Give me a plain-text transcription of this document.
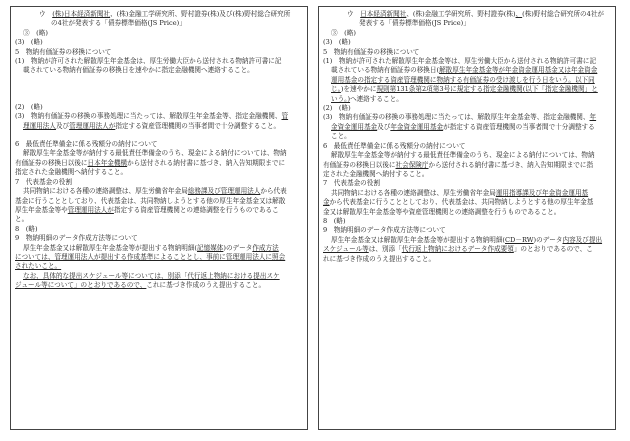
ウ　(株)日本経済新聞社、(株)金融工学研究所、野村證券(株)及び(株)野村総合研究所
の4社が発表する「債券標準価格(JS Price)」
③　(略)
(3)　(略)
5　物納有価証券の移換について
(1)　物納が許可された解散厚生年金基金は、厚生労働大臣から送付される物納許可書に記
載されている物納有価証券の移換日を速やかに指定金融機関へ連絡すること。
(2)　(略)
(3)　物納有価証券の移換の事務処理に当たっては、解散厚生年金基金等、指定金融機関、管
理運用法人及び管理運用法人が指定する資産管理機関の当事者間で十分調整すること。
6　最低責任準備金に係る残額分の納付について
解散厚生年金基金等が納付する最低責任準備金のうち、現金による納付については、物納
有価証券の移換日以後に日本年金機構から送付される納付書に基づき、納入告知期限までに
指定された金融機関へ納付すること。
7　代表基金の役割
共同物納における各種の連絡調整は、厚生労働省年金局総務課及び管理運用法人から代表
基金に行うこととしており、代表基金は、共同物納しようとする他の厚生年金基金又は解散
厚生年金基金等や管理運用法人が指定する資産管理機関との連絡調整を行うものであるこ
と。
8　(略)
9　物納明細のデータ作成方法等について
厚生年金基金又は解散厚生年金基金等が提出する物納明細(記憶媒体)のデータ作成方法
については、管理運用法人が提出する作成基準によることとし、事前に管理運用法人に照会
されたいこと。
なお、具体的な提出スケジュール等については、別添「代行返上物納における提出スケ
ジュール等について」のとおりであるので、これに基づき作成のうえ提出すること。
ウ　日本経済新聞社、(株)金融工学研究所、野村證券(株)、(株)野村総合研究所の4社が
発表する「債券標準価格(JS Price)」
③　(略)
(3)　(略)
5　物納有価証券の移換について
(1)　物納が許可された解散厚生年金基金等は、厚生労働大臣から送付される物納許可書に記
載されている物納有価証券の移換日(解散厚生年金基金等が年金資金運用基金又は年金資金
運用基金の指定する資産管理機関に物納する有価証券の受け渡しを行う日をいう。以下同
じ。)を速やかに規則第131条第2項第3号に規定する指定金融機関(以下「指定金融機関」と
いう。)へ連絡すること。
(2)　(略)
(3)　物納有価証券の移換の事務処理に当たっては、解散厚生年金基金等、指定金融機関、年
金資金運用基金及び年金資金運用基金が指定する資産管理機関の当事者間で十分調整する
こと。
6　最低責任準備金に係る残額分の納付について
解散厚生年金基金等が納付する最低責任準備金のうち、現金による納付については、物納
有価証券の移換日以後に社会保険庁から送付される納付書に基づき、納入告知期限までに指
定された金融機関へ納付すること。
7　代表基金の役割
共同物納における各種の連絡調整は、厚生労働省年金局運用指導課及び年金資金運用基
金から代表基金に行うこととしており、代表基金は、共同物納しようとする他の厚生年金基
金又は解散厚生年金基金等や資産管理機関との連絡調整を行うものであること。
8　(略)
9　物納明細のデータ作成方法等について
厚生年金基金又は解散厚生年金基金等が提出する物納明細(CD－RW)のデータ内容及び提出
スケジュール等は、別添「代行返上物納におけるデータ作成要領」のとおりであるので、こ
れに基づき作成のうえ提出すること。
